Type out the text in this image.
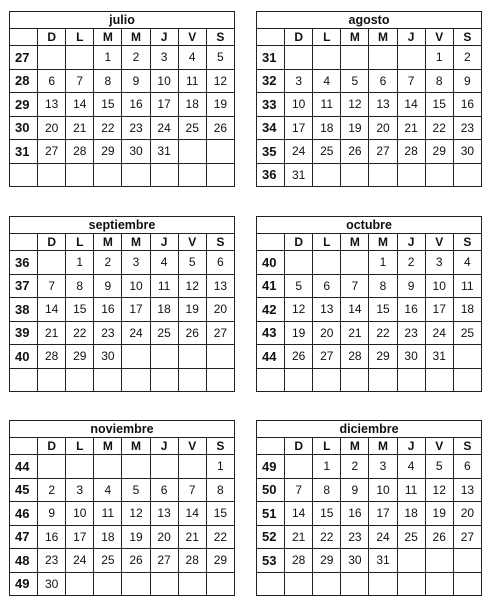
julio							
	D	L	M	M	J	V	S
27			1	2	3	4	5
28	6	7	8	9	10	11	12
29	13	14	15	16	17	18	19
30	20	21	22	23	24	25	26
31	27	28	29	30	31		

agosto							
	D	L	M	M	J	V	S
31						1	2
32	3	4	5	6	7	8	9
33	10	11	12	13	14	15	16
34	17	18	19	20	21	22	23
35	24	25	26	27	28	29	30
36	31						
septiembre							
	D	L	M	M	J	V	S
36		1	2	3	4	5	6
37	7	8	9	10	11	12	13
38	14	15	16	17	18	19	20
39	21	22	23	24	25	26	27
40	28	29	30				

octubre							
	D	L	M	M	J	V	S
40				1	2	3	4
41	5	6	7	8	9	10	11
42	12	13	14	15	16	17	18
43	19	20	21	22	23	24	25
44	26	27	28	29	30	31	

noviembre							
	D	L	M	M	J	V	S
44							1
45	2	3	4	5	6	7	8
46	9	10	11	12	13	14	15
47	16	17	18	19	20	21	22
48	23	24	25	26	27	28	29
49	30						
diciembre							
	D	L	M	M	J	V	S
49		1	2	3	4	5	6
50	7	8	9	10	11	12	13
51	14	15	16	17	18	19	20
52	21	22	23	24	25	26	27
53	28	29	30	31			
